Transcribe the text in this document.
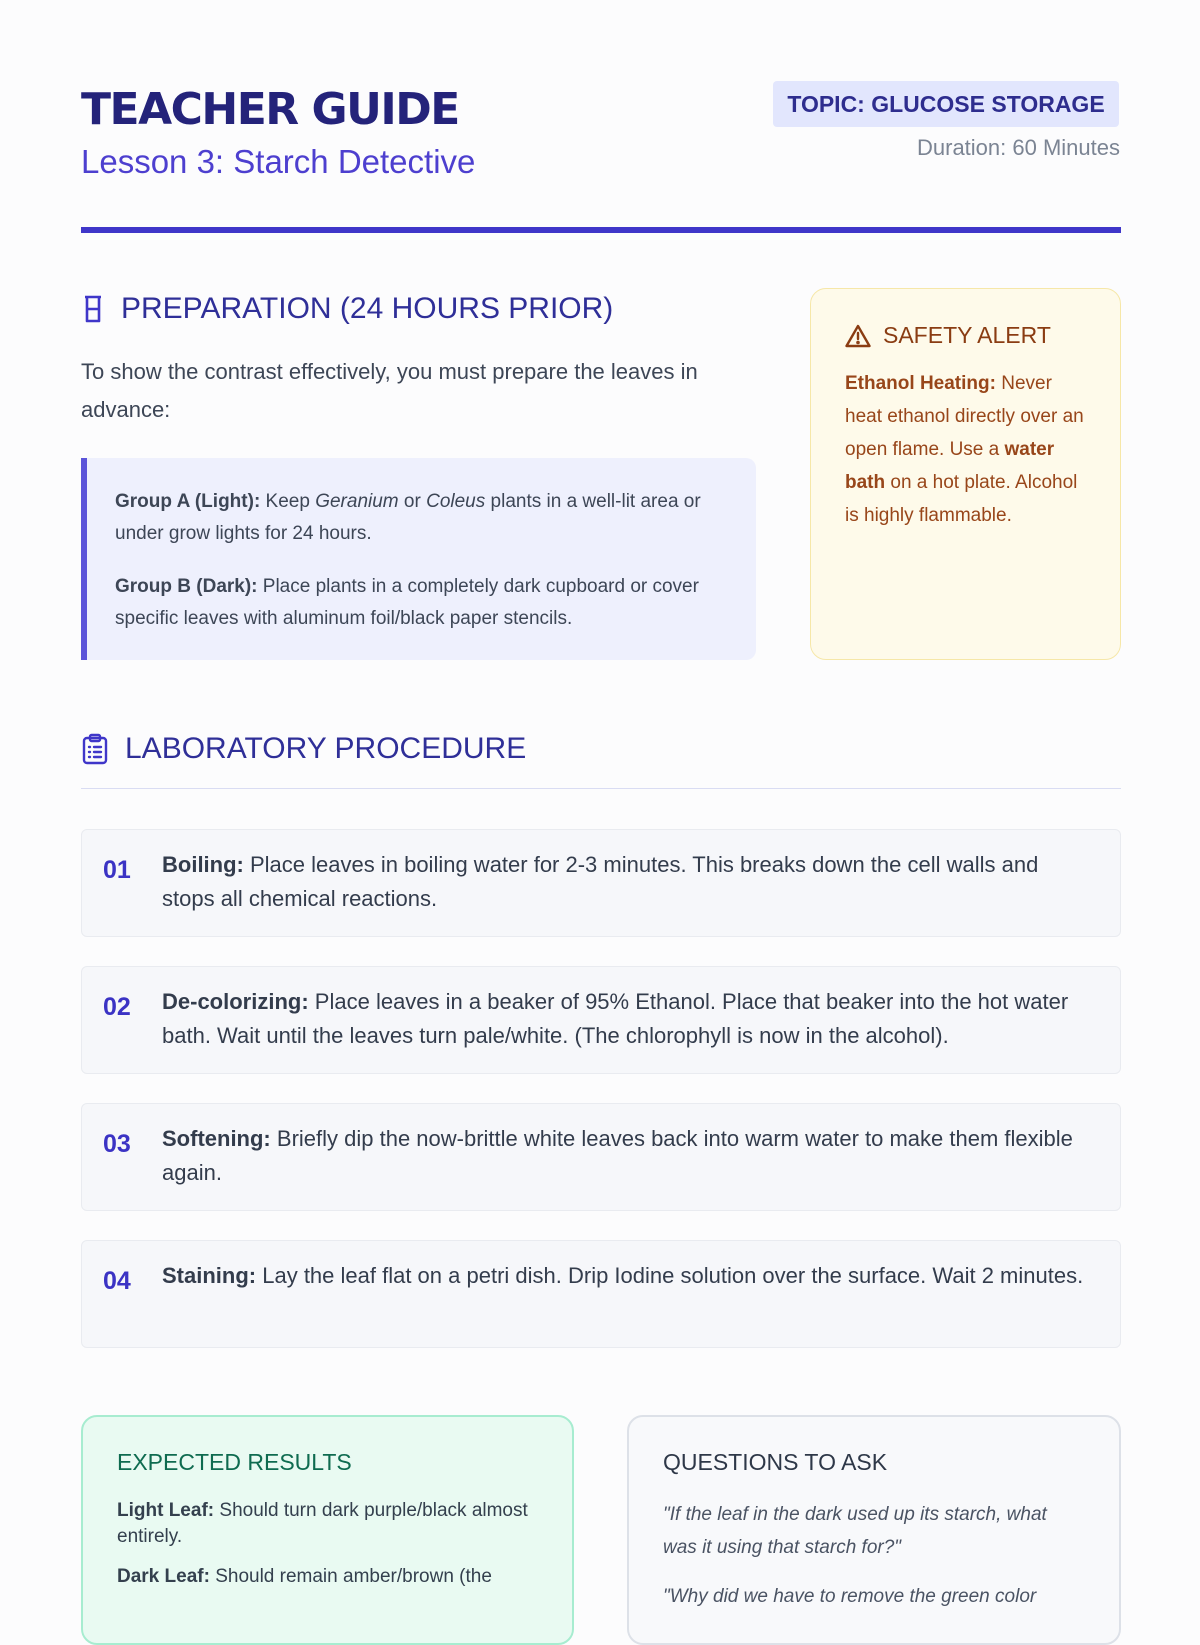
TEACHER GUIDE
Lesson 3: Starch Detective
TOPIC: GLUCOSE STORAGE
Duration: 60 Minutes
PREPARATION (24 HOURS PRIOR)
To show the contrast effectively, you must prepare the leaves in advance:

Group A (Light): Keep Geranium or Coleus plants in a well-lit area or under grow lights for 24 hours.

Group B (Dark): Place plants in a completely dark cupboard or cover specific leaves with aluminum foil/black paper stencils.

SAFETY ALERT
Ethanol Heating: Never heat ethanol directly over an open flame. Use a water bath on a hot plate. Alcohol is highly flammable.
LABORATORY PROCEDURE
01 Boiling: Place leaves in boiling water for 2-3 minutes. This breaks down the cell walls and stops all chemical reactions.
02 De-colorizing: Place leaves in a beaker of 95% Ethanol. Place that beaker into the hot water bath. Wait until the leaves turn pale/white. (The chlorophyll is now in the alcohol).
03 Softening: Briefly dip the now-brittle white leaves back into warm water to make them flexible again.
04 Staining: Lay the leaf flat on a petri dish. Drip Iodine solution over the surface. Wait 2 minutes.
EXPECTED RESULTS
Light Leaf: Should turn dark purple/black almost entirely.
Dark Leaf: Should remain amber/brown (the
QUESTIONS TO ASK
"If the leaf in the dark used up its starch, what was it using that starch for?"
"Why did we have to remove the green color
